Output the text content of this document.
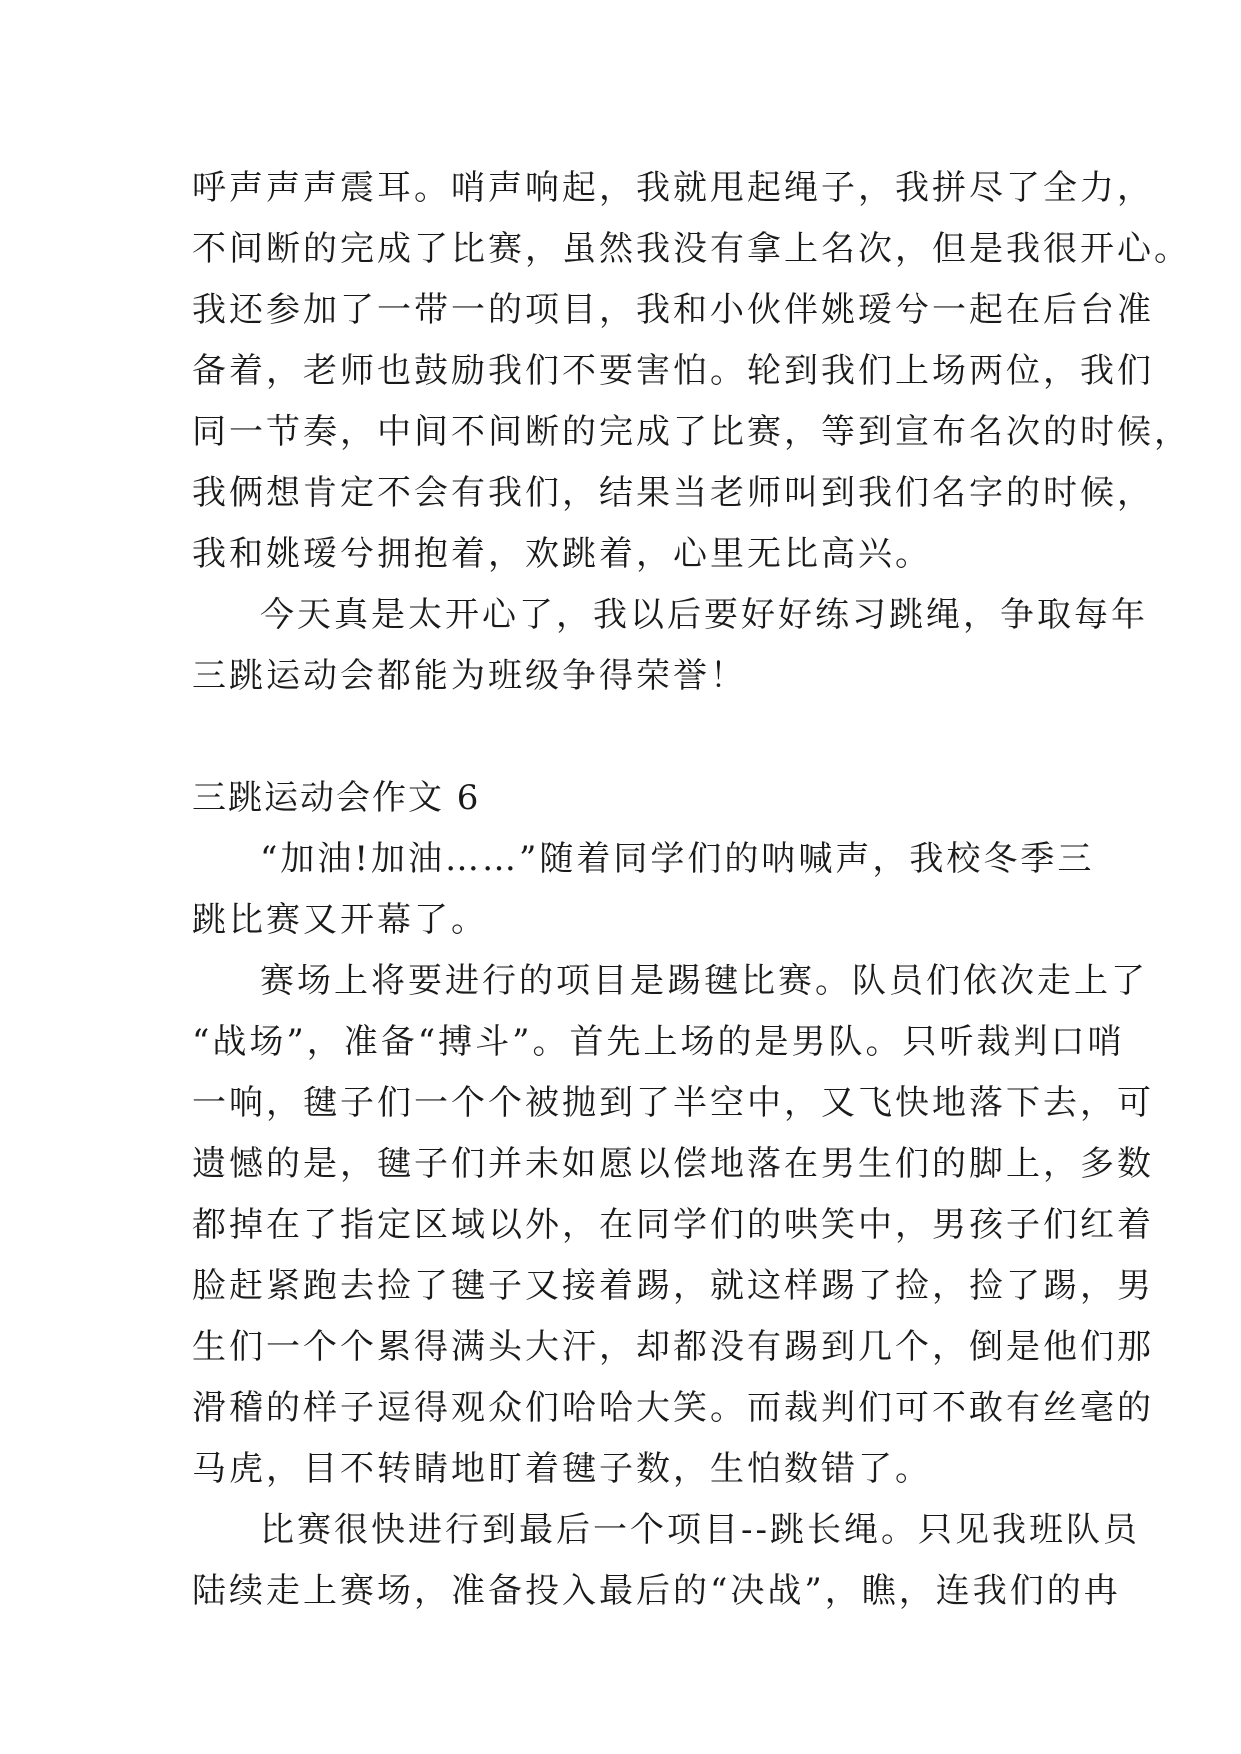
呼声声声震耳。哨声响起，我就甩起绳子，我拼尽了全力，
不间断的完成了比赛，虽然我没有拿上名次，但是我很开心。
我还参加了一带一的项目，我和小伙伴姚瑷兮一起在后台准
备着，老师也鼓励我们不要害怕。轮到我们上场两位，我们
同一节奏，中间不间断的完成了比赛，等到宣布名次的时候，
我俩想肯定不会有我们，结果当老师叫到我们名字的时候，
我和姚瑷兮拥抱着，欢跳着，心里无比高兴。
今天真是太开心了，我以后要好好练习跳绳，争取每年
三跳运动会都能为班级争得荣誉！
三跳运动会作文 6
“加油!加油……”随着同学们的呐喊声，我校冬季三
跳比赛又开幕了。
赛场上将要进行的项目是踢毽比赛。队员们依次走上了
“战场”，准备“搏斗”。首先上场的是男队。只听裁判口哨
一响，毽子们一个个被抛到了半空中，又飞快地落下去，可
遗憾的是，毽子们并未如愿以偿地落在男生们的脚上，多数
都掉在了指定区域以外，在同学们的哄笑中，男孩子们红着
脸赶紧跑去捡了毽子又接着踢，就这样踢了捡，捡了踢，男
生们一个个累得满头大汗，却都没有踢到几个，倒是他们那
滑稽的样子逗得观众们哈哈大笑。而裁判们可不敢有丝毫的
马虎，目不转睛地盯着毽子数，生怕数错了。
比赛很快进行到最后一个项目--跳长绳。只见我班队员
陆续走上赛场，准备投入最后的“决战”，瞧，连我们的冉
